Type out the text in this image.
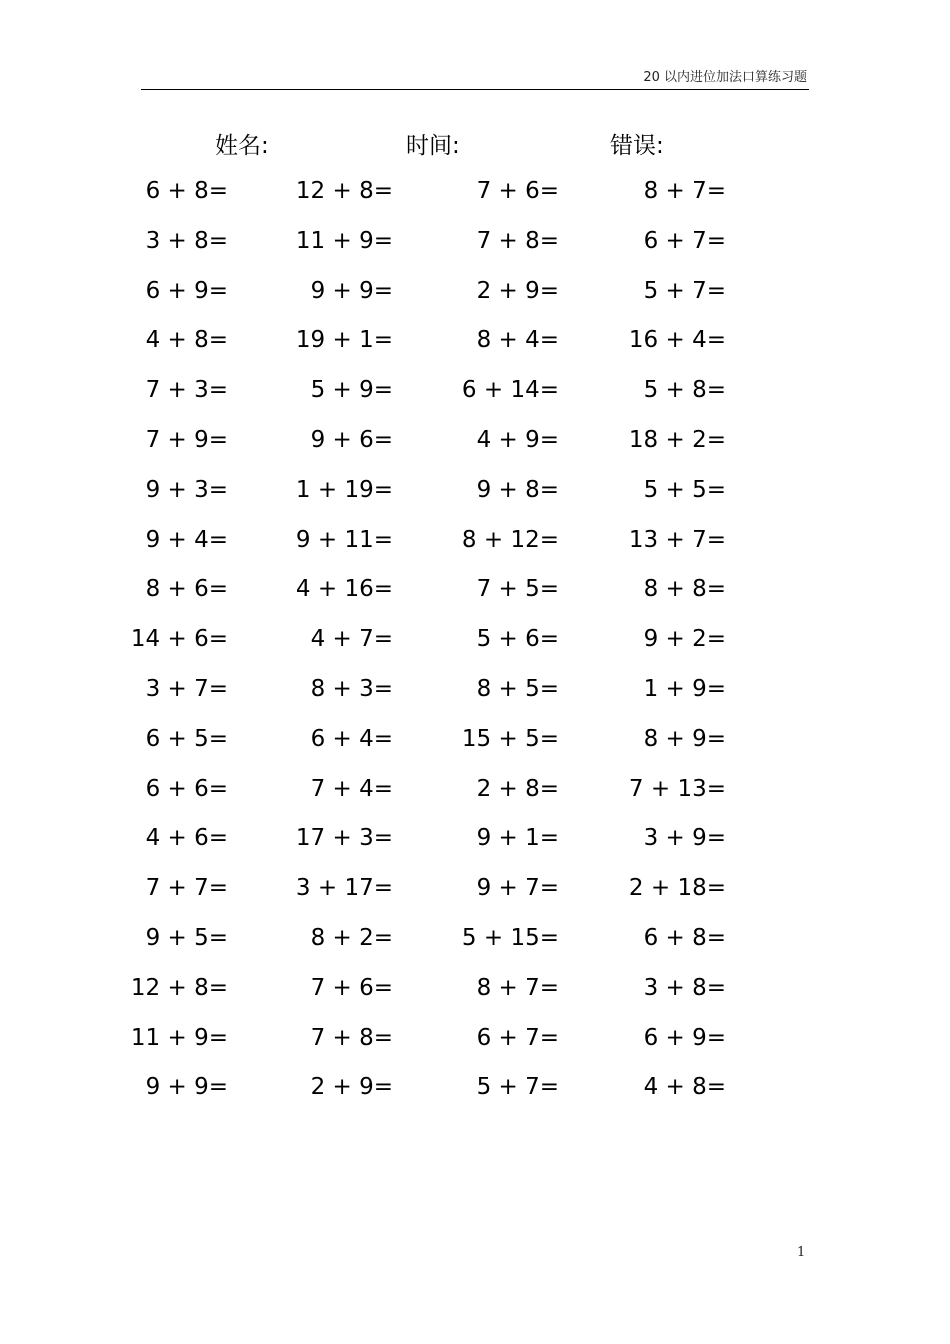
20 以内进位加法口算练习题
姓名:	时间:	错误:
6 + 8=	12 + 8=	7 + 6=	8 + 7=
3 + 8=	11 + 9=	7 + 8=	6 + 7=
6 + 9=	9 + 9=	2 + 9=	5 + 7=
4 + 8=	19 + 1=	8 + 4=	16 + 4=
7 + 3=	5 + 9=	6 + 14=	5 + 8=
7 + 9=	9 + 6=	4 + 9=	18 + 2=
9 + 3=	1 + 19=	9 + 8=	5 + 5=
9 + 4=	9 + 11=	8 + 12=	13 + 7=
8 + 6=	4 + 16=	7 + 5=	8 + 8=
14 + 6=	4 + 7=	5 + 6=	9 + 2=
3 + 7=	8 + 3=	8 + 5=	1 + 9=
6 + 5=	6 + 4=	15 + 5=	8 + 9=
6 + 6=	7 + 4=	2 + 8=	7 + 13=
4 + 6=	17 + 3=	9 + 1=	3 + 9=
7 + 7=	3 + 17=	9 + 7=	2 + 18=
9 + 5=	8 + 2=	5 + 15=	6 + 8=
12 + 8=	7 + 6=	8 + 7=	3 + 8=
11 + 9=	7 + 8=	6 + 7=	6 + 9=
9 + 9=	2 + 9=	5 + 7=	4 + 8=
1
